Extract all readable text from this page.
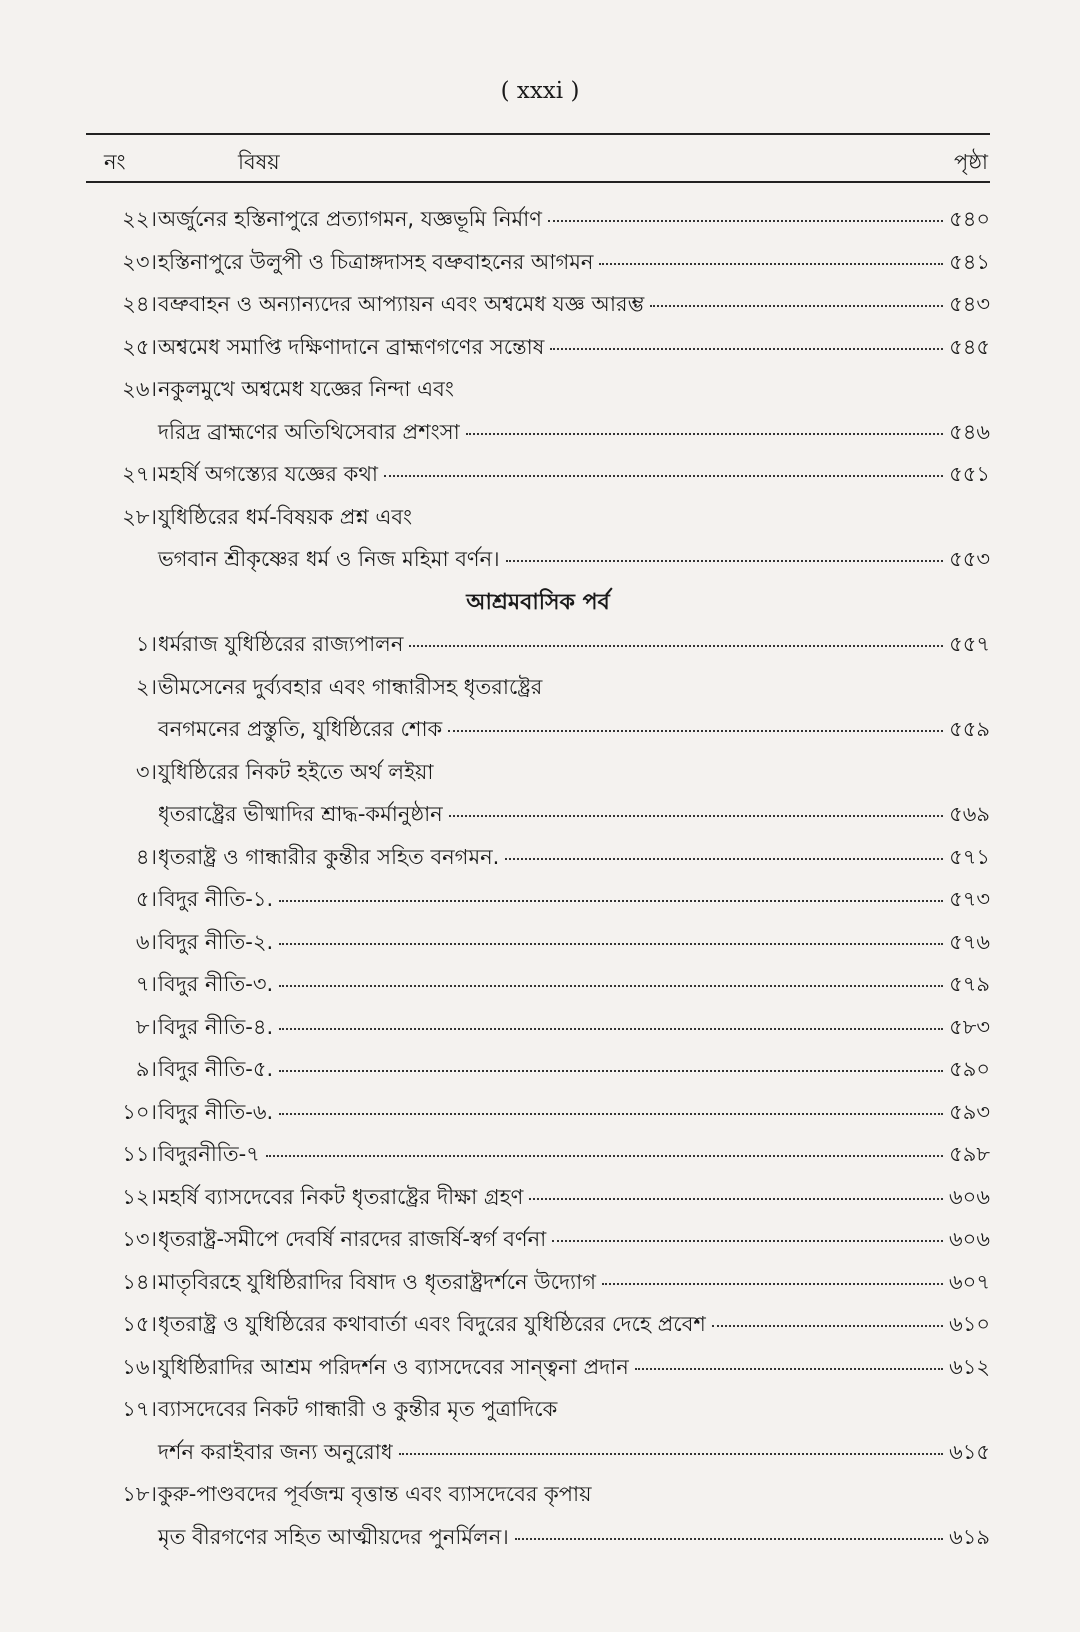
( xxxi )
নং	বিষয়	পৃষ্ঠা
২২। অর্জুনের হস্তিনাপুরে প্রত্যাগমন, যজ্ঞভূমি নির্মাণ	৫৪০
২৩। হস্তিনাপুরে উলুপী ও চিত্রাঙ্গদাসহ বভ্রুবাহনের আগমন	৫৪১
২৪। বভ্রুবাহন ও অন্যান্যদের আপ্যায়ন এবং অশ্বমেধ যজ্ঞ আরম্ভ	৫৪৩
২৫। অশ্বমেধ সমাপ্তি দক্ষিণাদানে ব্রাহ্মণগণের সন্তোষ	৫৪৫
২৬। নকুলমুখে অশ্বমেধ যজ্ঞের নিন্দা এবং
দরিদ্র ব্রাহ্মণের অতিথিসেবার প্রশংসা	৫৪৬
২৭। মহর্ষি অগস্ত্যের যজ্ঞের কথা	৫৫১
২৮। যুধিষ্ঠিরের ধর্ম-বিষয়ক প্রশ্ন এবং
ভগবান শ্রীকৃষ্ণের ধর্ম ও নিজ মহিমা বর্ণন।	৫৫৩
আশ্রমবাসিক পর্ব
১। ধর্মরাজ যুধিষ্ঠিরের রাজ্যপালন	৫৫৭
২। ভীমসেনের দুর্ব্যবহার এবং গান্ধারীসহ ধৃতরাষ্ট্রের
বনগমনের প্রস্তুতি, যুধিষ্ঠিরের শোক	৫৫৯
৩। যুধিষ্ঠিরের নিকট হইতে অর্থ লইয়া
ধৃতরাষ্ট্রের ভীষ্মাদির শ্রাদ্ধ-কর্মানুষ্ঠান	৫৬৯
৪। ধৃতরাষ্ট্র ও গান্ধারীর কুন্তীর সহিত বনগমন.	৫৭১
৫। বিদুর নীতি-১.	৫৭৩
৬। বিদুর নীতি-২.	৫৭৬
৭। বিদুর নীতি-৩.	৫৭৯
৮। বিদুর নীতি-৪.	৫৮৩
৯। বিদুর নীতি-৫.	৫৯০
১০। বিদুর নীতি-৬.	৫৯৩
১১। বিদুরনীতি-৭	৫৯৮
১২। মহর্ষি ব্যাসদেবের নিকট ধৃতরাষ্ট্রের দীক্ষা গ্রহণ	৬০৬
১৩। ধৃতরাষ্ট্র-সমীপে দেবর্ষি নারদের রাজর্ষি-স্বর্গ বর্ণনা	৬০৬
১৪। মাতৃবিরহে যুধিষ্ঠিরাদির বিষাদ ও ধৃতরাষ্ট্রদর্শনে উদ্যোগ	৬০৭
১৫। ধৃতরাষ্ট্র ও যুধিষ্ঠিরের কথাবার্তা এবং বিদুরের যুধিষ্ঠিরের দেহে প্রবেশ	৬১০
১৬। যুধিষ্ঠিরাদির আশ্রম পরিদর্শন ও ব্যাসদেবের সান্ত্বনা প্রদান	৬১২
১৭। ব্যাসদেবের নিকট গান্ধারী ও কুন্তীর মৃত পুত্রাদিকে
দর্শন করাইবার জন্য অনুরোধ	৬১৫
১৮। কুরু-পাণ্ডবদের পূর্বজন্ম বৃত্তান্ত এবং ব্যাসদেবের কৃপায়
মৃত বীরগণের সহিত আত্মীয়দের পুনর্মিলন।	৬১৯
